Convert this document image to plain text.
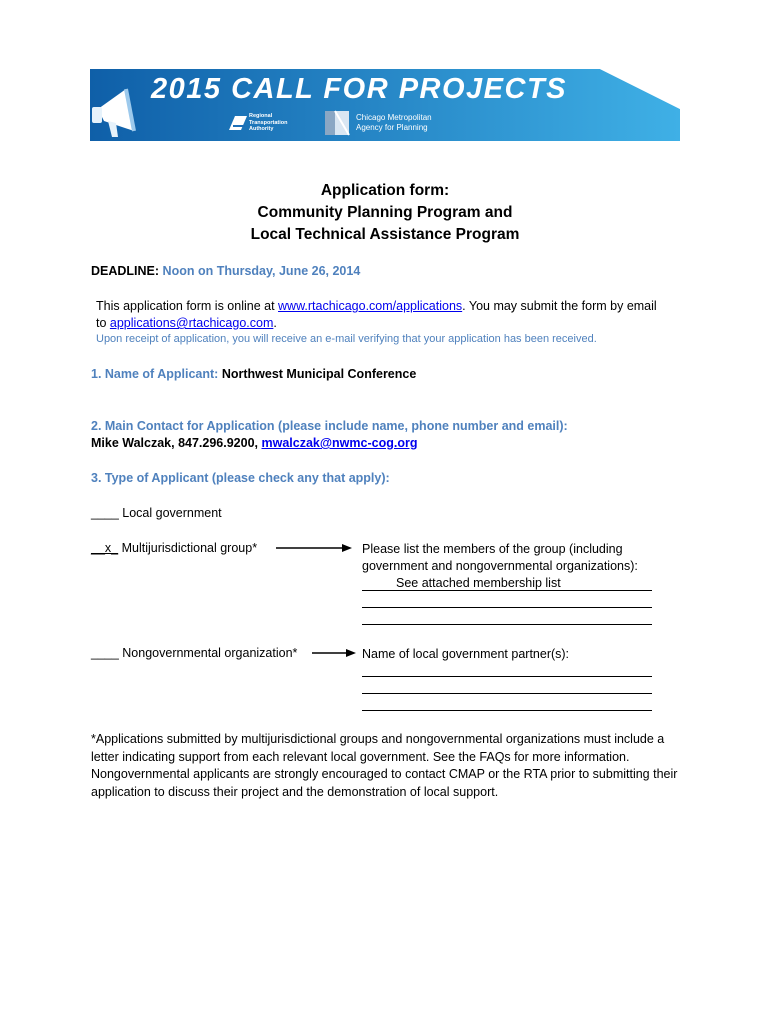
2015 CALL FOR PROJECTS
Regional
Transportation
Authority
Chicago Metropolitan
Agency for Planning
Application form:
Community Planning Program and
Local Technical Assistance Program
DEADLINE: Noon on Thursday, June 26, 2014
This application form is online at www.rtachicago.com/applications. You may submit the form by email
to applications@rtachicago.com.
Upon receipt of application, you will receive an e-mail verifying that your application has been received.
1. Name of Applicant: Northwest Municipal Conference
2. Main Contact for Application (please include name, phone number and email):
Mike Walczak, 847.296.9200, mwalczak@nwmc-cog.org
3. Type of Applicant (please check any that apply):
____ Local government
__x_ Multijurisdictional group*	Please list the members of the group (including
government and nongovernmental organizations):
See attached membership list
____ Nongovernmental organization*	Name of local government partner(s):
*Applications submitted by multijurisdictional groups and nongovernmental organizations must include a letter indicating support from each relevant local government. See the FAQs for more information. Nongovernmental applicants are strongly encouraged to contact CMAP or the RTA prior to submitting their application to discuss their project and the demonstration of local support.
